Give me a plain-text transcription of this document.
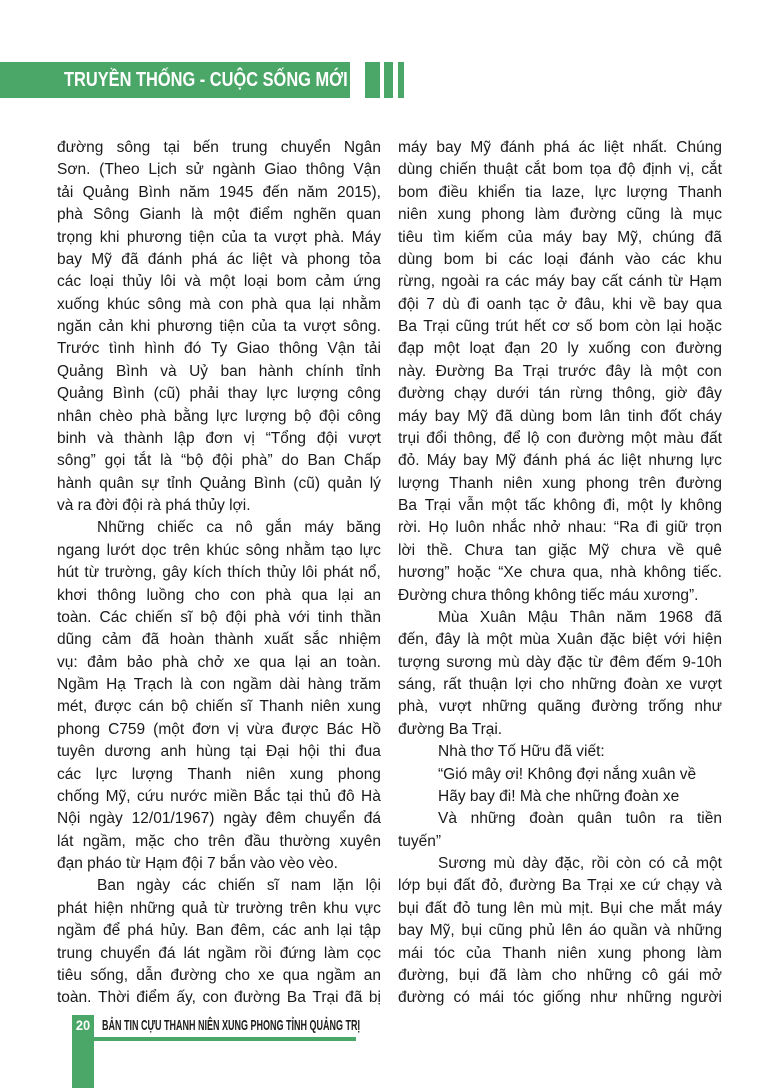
TRUYỀN THỐNG - CUỘC SỐNG MỚI
đường sông tại bến trung chuyển Ngân
Sơn. (Theo Lịch sử ngành Giao thông Vận
tải Quảng Bình năm 1945 đến năm 2015),
phà Sông Gianh là một điểm nghẽn quan
trọng khi phương tiện của ta vượt phà. Máy
bay Mỹ đã đánh phá ác liệt và phong tỏa
các loại thủy lôi và một loại bom cảm ứng
xuống khúc sông mà con phà qua lại nhằm
ngăn cản khi phương tiện của ta vượt sông.
Trước tình hình đó Ty Giao thông Vận tải
Quảng Bình và Uỷ ban hành chính tỉnh
Quảng Bình (cũ) phải thay lực lượng công
nhân chèo phà bằng lực lượng bộ đội công
binh và thành lập đơn vị “Tổng đội vượt
sông” gọi tắt là “bộ đội phà” do Ban Chấp
hành quân sự tỉnh Quảng Bình (cũ) quản lý
và ra đời đội rà phá thủy lợi.
Những chiếc ca nô gắn máy băng
ngang lướt dọc trên khúc sông nhằm tạo lực
hút từ trường, gây kích thích thủy lôi phát nổ,
khơi thông luồng cho con phà qua lại an
toàn. Các chiến sĩ bộ đội phà với tinh thần
dũng cảm đã hoàn thành xuất sắc nhiệm
vụ: đảm bảo phà chở xe qua lại an toàn.
Ngầm Hạ Trạch là con ngầm dài hàng trăm
mét, được cán bộ chiến sĩ Thanh niên xung
phong C759 (một đơn vị vừa được Bác Hồ
tuyên dương anh hùng tại Đại hội thi đua
các lực lượng Thanh niên xung phong
chống Mỹ, cứu nước miền Bắc tại thủ đô Hà
Nội ngày 12/01/1967) ngày đêm chuyển đá
lát ngầm, mặc cho trên đầu thường xuyên
đạn pháo từ Hạm đội 7 bắn vào vèo vèo.
Ban ngày các chiến sĩ nam lặn lội
phát hiện những quả từ trường trên khu vực
ngầm để phá hủy. Ban đêm, các anh lại tập
trung chuyển đá lát ngầm rồi đứng làm cọc
tiêu sống, dẫn đường cho xe qua ngầm an
toàn. Thời điểm ấy, con đường Ba Trại đã bị
máy bay Mỹ đánh phá ác liệt nhất. Chúng
dùng chiến thuật cắt bom tọa độ định vị, cắt
bom điều khiển tia laze, lực lượng Thanh
niên xung phong làm đường cũng là mục
tiêu tìm kiếm của máy bay Mỹ, chúng đã
dùng bom bi các loại đánh vào các khu
rừng, ngoài ra các máy bay cất cánh từ Hạm
đội 7 dù đi oanh tạc ở đâu, khi về bay qua
Ba Trại cũng trút hết cơ số bom còn lại hoặc
đạp một loạt đạn 20 ly xuống con đường
này. Đường Ba Trại trước đây là một con
đường chạy dưới tán rừng thông, giờ đây
máy bay Mỹ đã dùng bom lân tinh đốt cháy
trụi đổi thông, để lộ con đường một màu đất
đỏ. Máy bay Mỹ đánh phá ác liệt nhưng lực
lượng Thanh niên xung phong trên đường
Ba Trại vẫn một tấc không đi, một ly không
rời. Họ luôn nhắc nhở nhau: “Ra đi giữ trọn
lời thề. Chưa tan giặc Mỹ chưa về quê
hương” hoặc “Xe chưa qua, nhà không tiếc.
Đường chưa thông không tiếc máu xương”.
Mùa Xuân Mậu Thân năm 1968 đã
đến, đây là một mùa Xuân đặc biệt với hiện
tượng sương mù dày đặc từ đêm đếm 9-10h
sáng, rất thuận lợi cho những đoàn xe vượt
phà, vượt những quãng đường trống như
đường Ba Trại.
Nhà thơ Tố Hữu đã viết:
“Gió mây ơi! Không đợi nắng xuân về
Hãy bay đi! Mà che những đoàn xe
Và những đoàn quân tuôn ra tiền
tuyến”
Sương mù dày đặc, rồi còn có cả một
lớp bụi đất đỏ, đường Ba Trại xe cứ chạy và
bụi đất đỏ tung lên mù mịt. Bụi che mắt máy
bay Mỹ, bụi cũng phủ lên áo quần và những
mái tóc của Thanh niên xung phong làm
đường, bụi đã làm cho những cô gái mở
đường có mái tóc giống như những người
20 BẢN TIN CỰU THANH NIÊN XUNG PHONG TỈNH QUẢNG TRỊ
